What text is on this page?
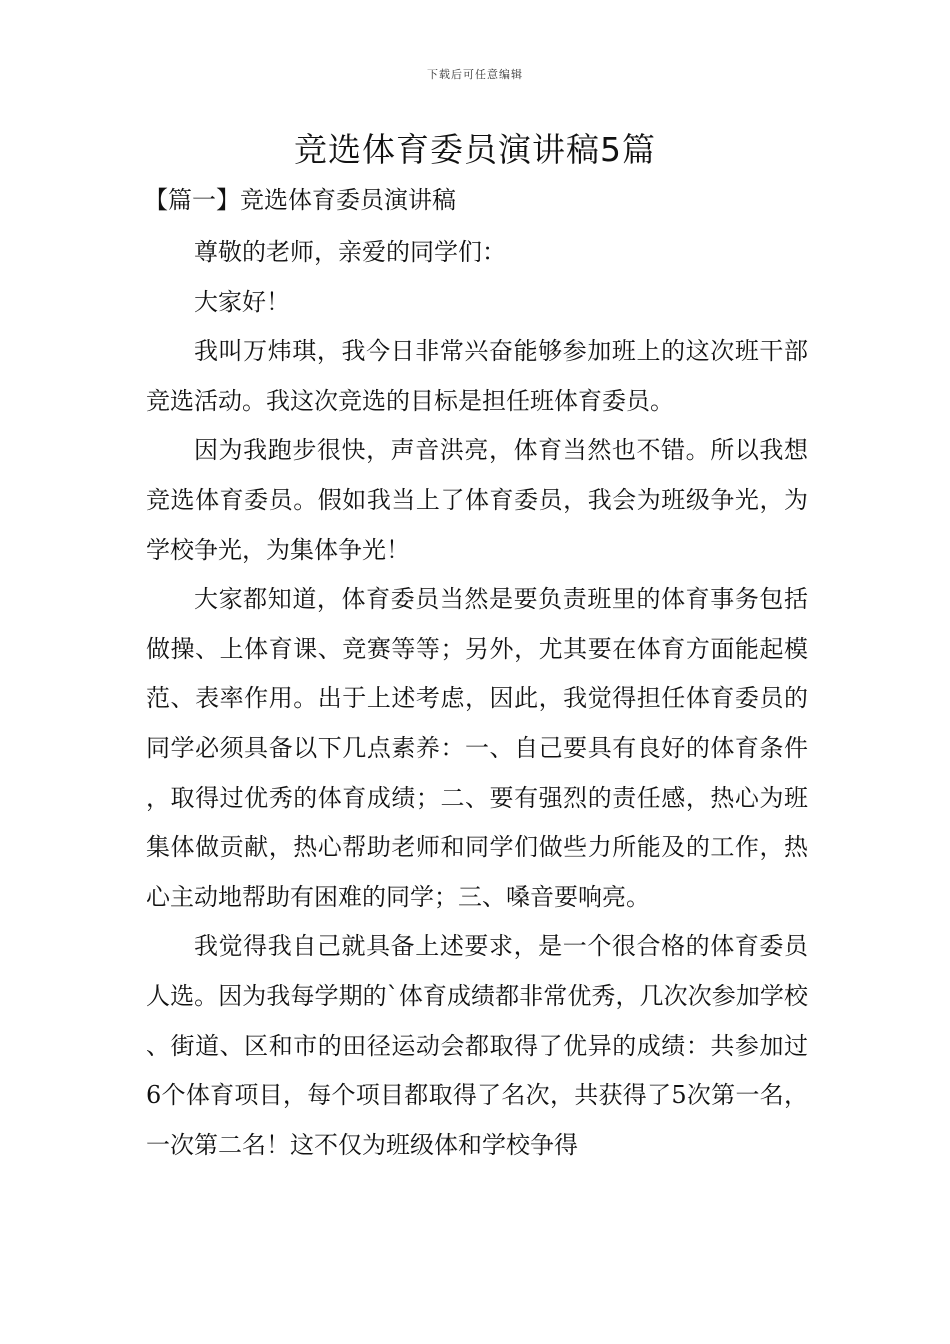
下载后可任意编辑
竞选体育委员演讲稿5篇
【篇一】竞选体育委员演讲稿

尊敬的老师，亲爱的同学们：

大家好！

我叫万炜琪，我今日非常兴奋能够参加班上的这次班干部竞选活动。我这次竞选的目标是担任班体育委员。

因为我跑步很快，声音洪亮，体育当然也不错。所以我想竞选体育委员。假如我当上了体育委员，我会为班级争光，为学校争光，为集体争光！

大家都知道，体育委员当然是要负责班里的体育事务包括做操、上体育课、竞赛等等；另外，尤其要在体育方面能起模范、表率作用。出于上述考虑，因此，我觉得担任体育委员的同学必须具备以下几点素养：一、自己要具有良好的体育条件，取得过优秀的体育成绩；二、要有强烈的责任感，热心为班集体做贡献，热心帮助老师和同学们做些力所能及的工作，热心主动地帮助有困难的同学；三、嗓音要响亮。

我觉得我自己就具备上述要求，是一个很合格的体育委员人选。因为我每学期的`体育成绩都非常优秀，几次次参加学校、街道、区和市的田径运动会都取得了优异的成绩：共参加过6个体育项目，每个项目都取得了名次，共获得了5次第一名，一次第二名！这不仅为班级体和学校争得
